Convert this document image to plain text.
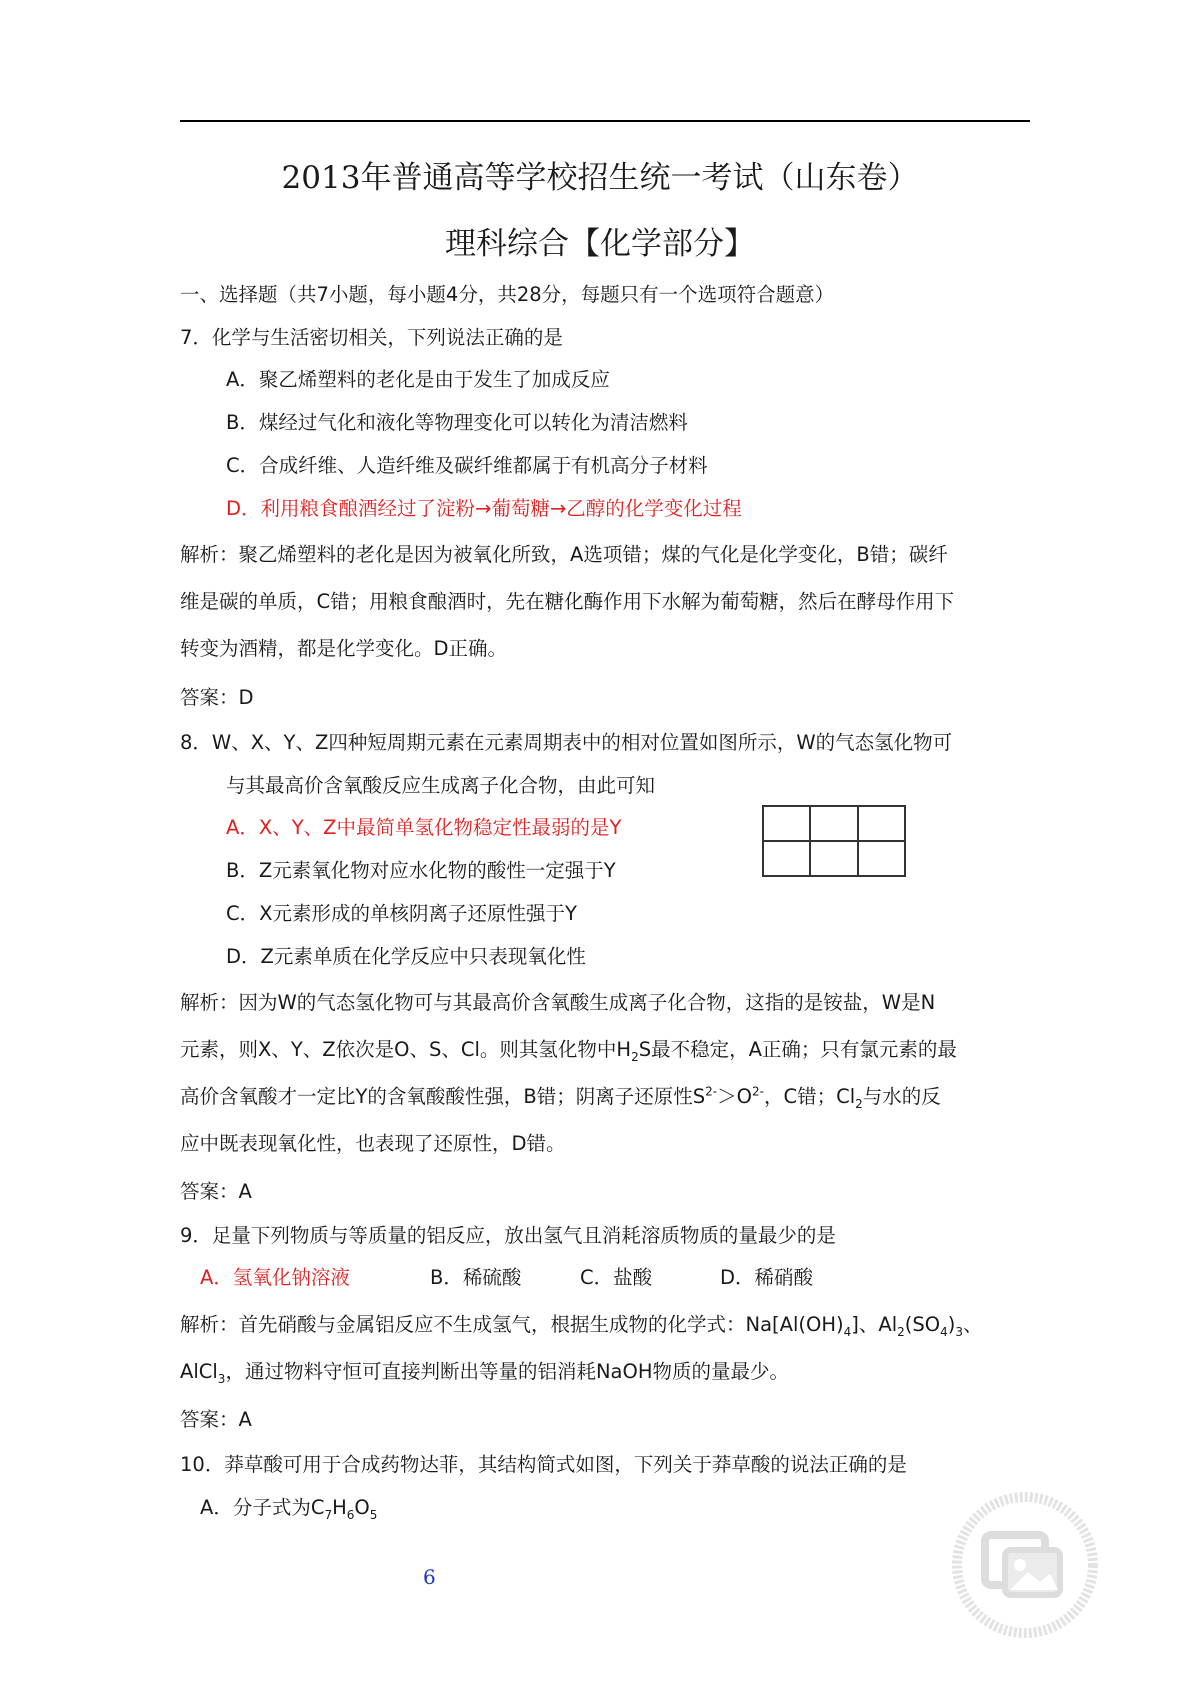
2013年普通高等学校招生统一考试（山东卷）
理科综合【化学部分】
一、选择题（共7小题，每小题4分，共28分，每题只有一个选项符合题意）
7．化学与生活密切相关，下列说法正确的是
A．聚乙烯塑料的老化是由于发生了加成反应
B．煤经过气化和液化等物理变化可以转化为清洁燃料
C．合成纤维、人造纤维及碳纤维都属于有机高分子材料
D．利用粮食酿酒经过了淀粉→葡萄糖→乙醇的化学变化过程
解析：聚乙烯塑料的老化是因为被氧化所致，A选项错；煤的气化是化学变化，B错；碳纤
维是碳的单质，C错；用粮食酿酒时，先在糖化酶作用下水解为葡萄糖，然后在酵母作用下
转变为酒精，都是化学变化。D正确。
答案：D
8．W、X、Y、Z四种短周期元素在元素周期表中的相对位置如图所示，W的气态氢化物可
与其最高价含氧酸反应生成离子化合物，由此可知
A．X、Y、Z中最简单氢化物稳定性最弱的是Y
B．Z元素氧化物对应水化物的酸性一定强于Y
C．X元素形成的单核阴离子还原性强于Y
D．Z元素单质在化学反应中只表现氧化性
解析：因为W的气态氢化物可与其最高价含氧酸生成离子化合物，这指的是铵盐，W是N
元素，则X、Y、Z依次是O、S、Cl。则其氢化物中$H_2S$最不稳定，A正确；只有氯元素的最
高价含氧酸才一定比Y的含氧酸酸性强，B错；阴离子还原性$S^{2-}>O^{2-}$，C错；$Cl_2$与水的反
应中既表现氧化性，也表现了还原性，D错。
答案：A
9．足量下列物质与等质量的铝反应，放出氢气且消耗溶质物质的量最少的是
A．氢氧化钠溶液	B．稀硫酸	C．盐酸	D．稀硝酸
解析：首先硝酸与金属铝反应不生成氢气，根据生成物的化学式：$Na[Al(OH)_4]$、$Al_2(SO_4)_3$、
AlCl$_3$，通过物料守恒可直接判断出等量的铝消耗NaOH物质的量最少。
答案：A
10．莽草酸可用于合成药物达菲，其结构简式如图，下列关于莽草酸的说法正确的是
A．分子式为$C_7H_6O_5$
6
